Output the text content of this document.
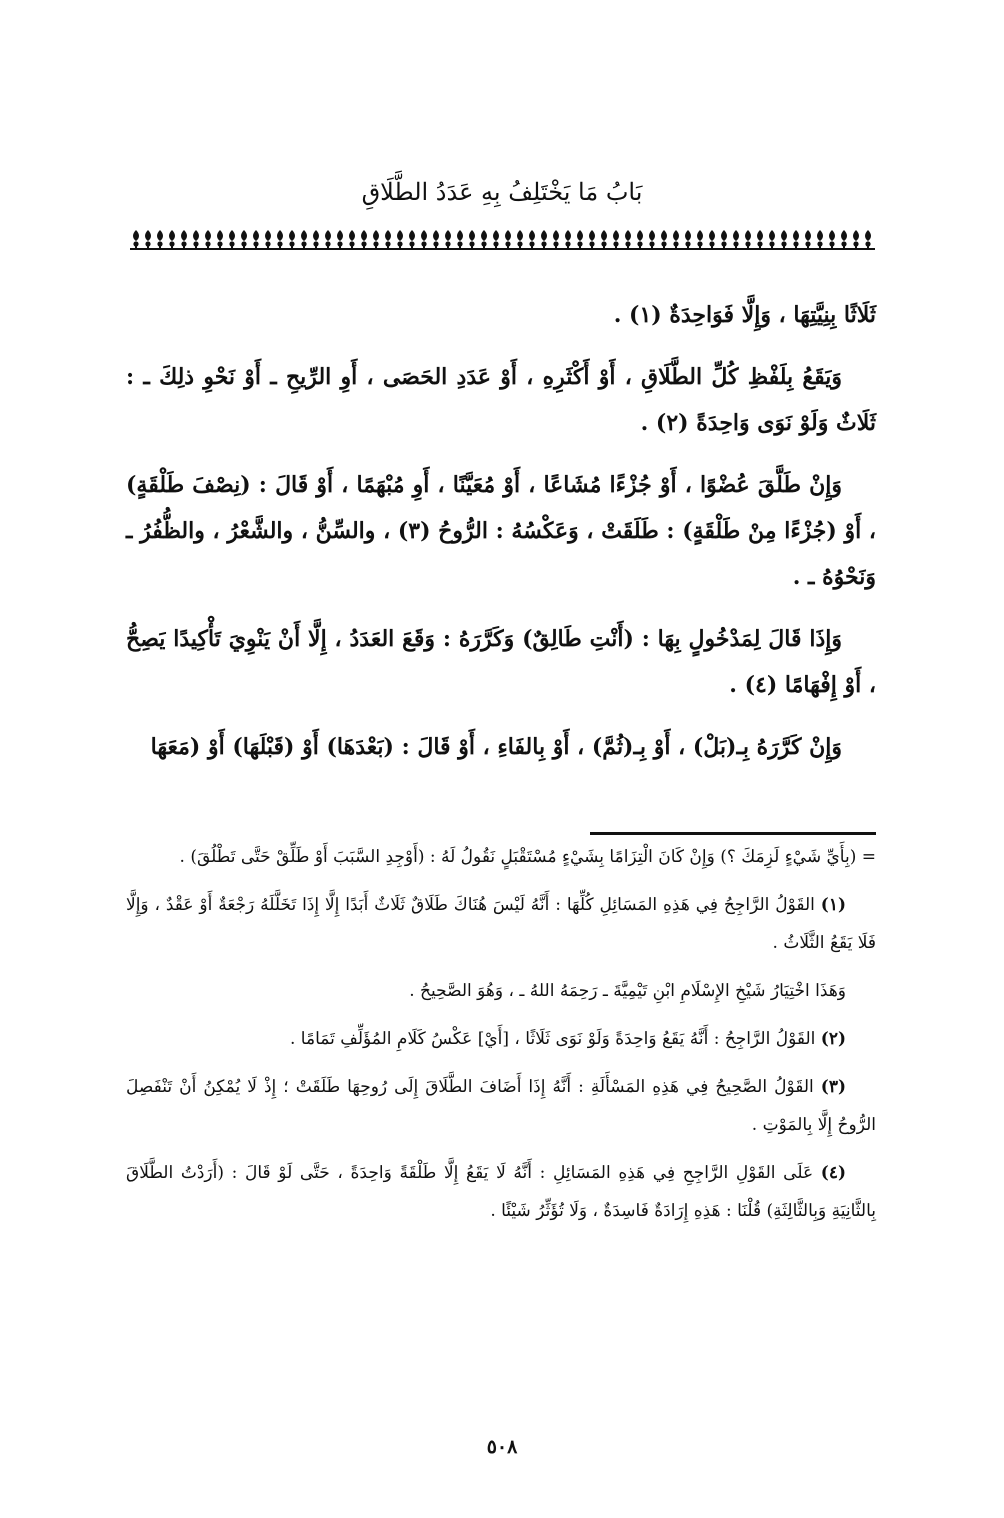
بَابُ مَا يَخْتَلِفُ بِهِ عَدَدُ الطَّلَاقِ

ثَلَاثًا بِنِيَّتِهَا ، وَإِلَّا فَوَاحِدَةٌ (١) .

وَيَقَعُ بِلَفْظِ كُلِّ الطَّلَاقِ ، أَوْ أَكْثَرِهِ ، أَوْ عَدَدِ الحَصَى ، أَوِ الرِّيحِ ـ أَوْ نَحْوِ ذلِكَ ـ : ثَلَاثٌ وَلَوْ نَوَى وَاحِدَةً (٢) .

وَإِنْ طَلَّقَ عُضْوًا ، أَوْ جُزْءًا مُشَاعًا ، أَوْ مُعَيَّنًا ، أَوِ مُبْهَمًا ، أَوْ قَالَ : (نِصْفَ طَلْقَةٍ) ، أَوْ (جُزْءًا مِنْ طَلْقَةٍ) : طَلَقَتْ ، وَعَكْسُهُ : الرُّوحُ (٣) ، والسِّنُّ ، والشَّعْرُ ، والظُّفُرُ ـ وَنَحْوُهُ ـ .

وَإِذَا قَالَ لِمَدْخُولٍ بِهَا : (أَنْتِ طَالِقٌ) وَكَرَّرَهُ : وَقَعَ العَدَدُ ، إِلَّا أَنْ يَنْوِيَ تَأْكِيدًا يَصِحُّ ، أَوْ إِفْهَامًا (٤) .

وَإِنْ كَرَّرَهُ بِـ(بَلْ) ، أَوْ بِـ(ثُمَّ) ، أَوْ بِالفَاءِ ، أَوْ قَالَ : (بَعْدَهَا) أَوْ (قَبْلَهَا) أَوْ (مَعَهَا

= (بِأَيِّ شَيْءٍ لَزِمَكَ ؟) وَإِنْ كَانَ الْتِزَامًا بِشَيْءٍ مُسْتَقْبَلٍ نَقُولُ لَهُ : (أَوْجِدِ السَّبَبَ أَوْ طَلِّقْ حَتَّى تَطْلُقَ) .

(١) القَوْلُ الرَّاجِحُ فِي هَذِهِ المَسَائِلِ كُلِّهَا : أَنَّهُ لَيْسَ هُنَاكَ طَلَاقٌ ثَلَاثٌ أَبَدًا إِلَّا إِذَا تَخَلَّلَهُ رَجْعَةٌ أَوْ عَقْدٌ ، وَإِلَّا فَلَا يَقَعُ الثَّلَاثُ .

وَهَذَا اخْتِيَارُ شَيْخِ الإِسْلَامِ ابْنِ تَيْمِيَّةَ ـ رَحِمَهُ اللهُ ـ ، وَهُوَ الصَّحِيحُ .

(٢) القَوْلُ الرَّاجِحُ : أَنَّهُ يَقَعُ وَاحِدَةً وَلَوْ نَوَى ثَلَاثًا ، [أَيْ] عَكْسُ كَلَامِ المُؤَلِّفِ تَمَامًا .

(٣) القَوْلُ الصَّحِيحُ فِي هَذِهِ المَسْأَلَةِ : أَنَّهُ إِذَا أَضَافَ الطَّلَاقَ إِلَى رُوحِهَا طَلَقَتْ ؛ إِذْ لَا يُمْكِنُ أَنْ تَنْفَصِلَ الرُّوحُ إِلَّا بِالمَوْتِ .

(٤) عَلَى القَوْلِ الرَّاجِحِ فِي هَذِهِ المَسَائِلِ : أَنَّهُ لَا يَقَعُ إِلَّا طَلْقَةً وَاحِدَةً ، حَتَّى لَوْ قَالَ : (أَرَدْتُ الطَّلَاقَ بِالثَّانِيَةِ وَبِالثَّالِثَةِ) قُلْنَا : هَذِهِ إِرَادَةٌ فَاسِدَةٌ ، وَلَا تُؤَثِّرُ شَيْئًا .

٥٠٨
